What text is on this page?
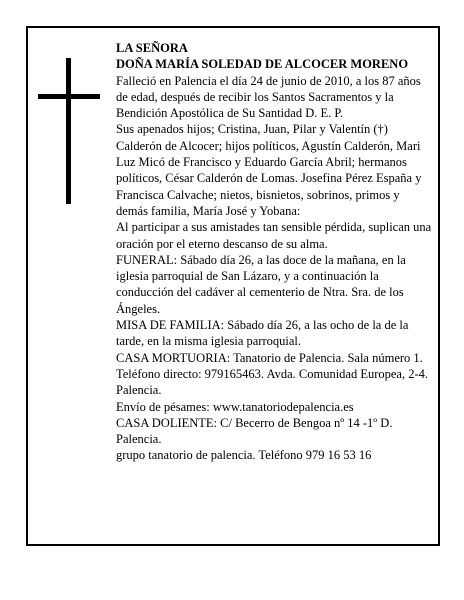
LA SEÑORA

DOÑA MARÍA SOLEDAD DE ALCOCER MORENO

Falleció en Palencia el día 24 de junio de 2010, a los 87 años de edad, después de recibir los Santos Sacramentos y la Bendición Apostólica de Su Santidad D. E. P.

Sus apenados hijos; Cristina, Juan, Pilar y Valentín (†) Calderón de Alcocer; hijos políticos, Agustín Calderón, Mari Luz Micó de Francisco y Eduardo García Abril; hermanos políticos, César Calderón de Lomas. Josefina Pérez España y Francisca Calvache; nietos, bisnietos, sobrinos, primos y demás familia, María José y Yobana:

Al participar a sus amistades tan sensible pérdida, suplican una oración por el eterno descanso de su alma.

FUNERAL: Sábado día 26, a las doce de la mañana, en la iglesia parroquial de San Lázaro, y a continuación la conducción del cadáver al cementerio de Ntra. Sra. de los Ángeles.

MISA DE FAMILIA: Sábado día 26, a las ocho de la de la tarde, en la misma iglesia parroquial.

CASA MORTUORIA: Tanatorio de Palencia. Sala número 1. Teléfono directo: 979165463. Avda. Comunidad Europea, 2-4. Palencia.

Envío de pésames: www.tanatoriodepalencia.es

CASA DOLIENTE: C/ Becerro de Bengoa nº 14 -1º D. Palencia.

grupo tanatorio de palencia. Teléfono 979 16 53 16
